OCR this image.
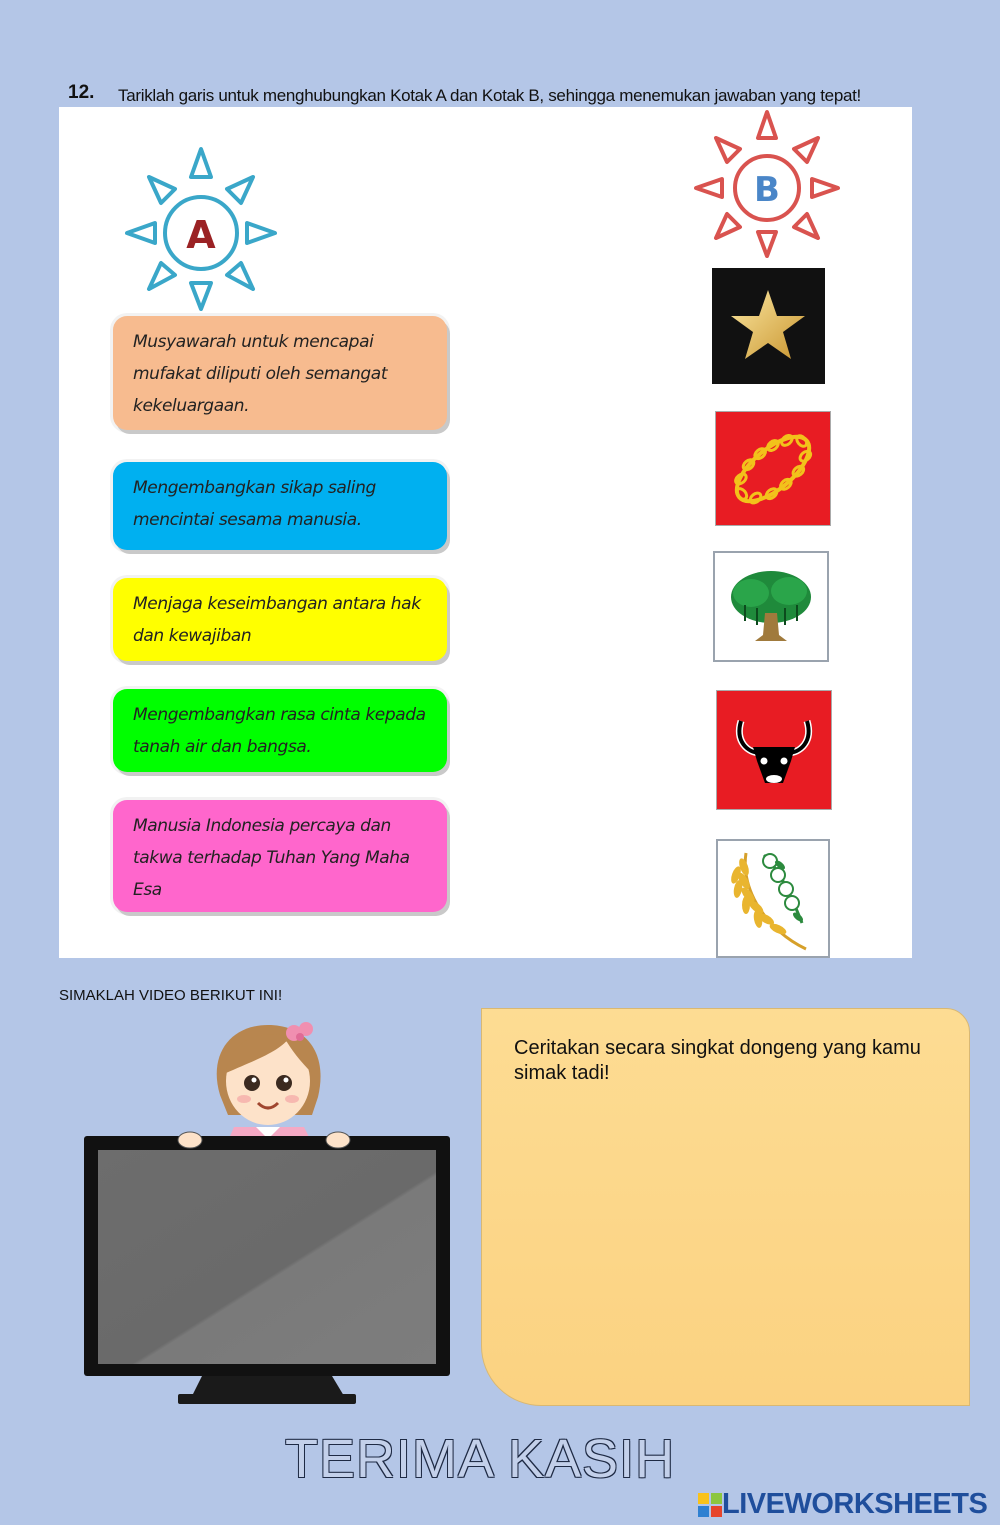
12. Tariklah garis untuk menghubungkan Kotak A dan Kotak B, sehingga menemukan jawaban yang tepat!
A
B
Musyawarah untuk mencapai mufakat diliputi oleh semangat kekeluargaan.
Mengembangkan sikap saling mencintai sesama manusia.
Menjaga keseimbangan antara hak dan kewajiban
Mengembangkan rasa cinta kepada tanah air dan bangsa.
Manusia Indonesia percaya dan takwa terhadap Tuhan Yang Maha Esa
SIMAKLAH VIDEO BERIKUT INI!
Ceritakan secara singkat dongeng yang kamu simak tadi!
TERIMA KASIH
LIVEWORKSHEETS
